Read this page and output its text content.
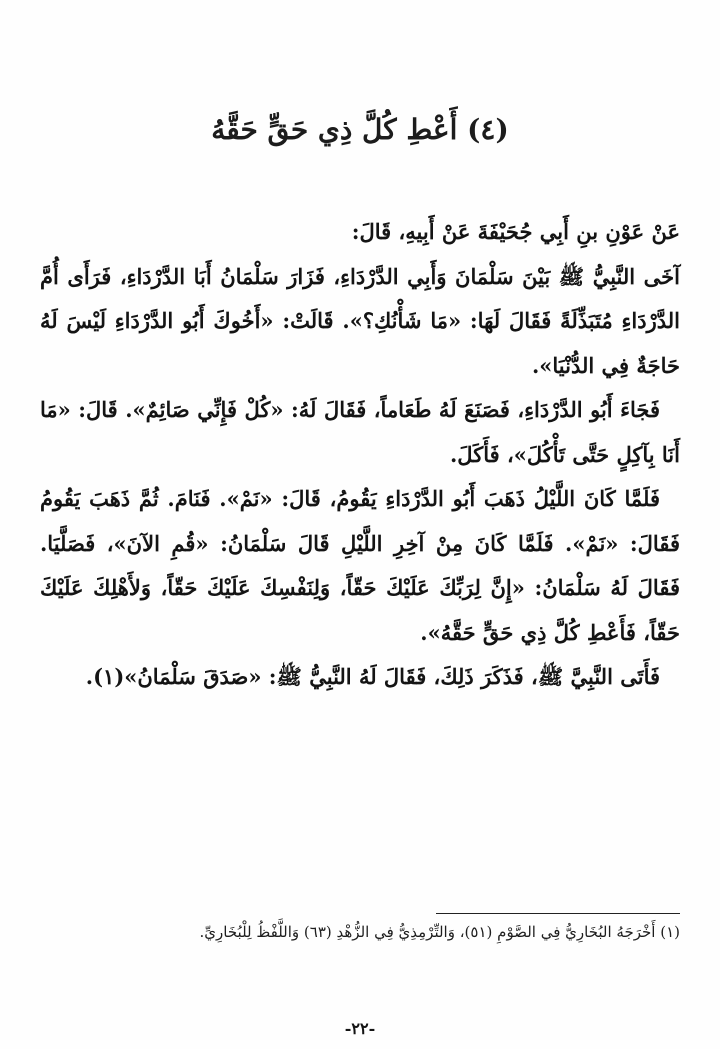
(٤) أَعْطِ كُلَّ ذِي حَقٍّ حَقَّهُ

عَنْ عَوْنِ بنِ أَبِي جُحَيْفَةَ عَنْ أَبِيهِ، قَالَ:

آخَى النَّبِيُّ ﷺ بَيْنَ سَلْمَانَ وَأَبِي الدَّرْدَاءِ، فَزَارَ سَلْمَانُ أَبَا الدَّرْدَاءِ، فَرَأَى أُمَّ الدَّرْدَاءِ مُتَبَذِّلَةً فَقَالَ لَهَا: «مَا شَأْنُكِ؟». قَالَتْ: «أَخُوكَ أَبُو الدَّرْدَاءِ لَيْسَ لَهُ حَاجَةٌ فِي الدُّنْيَا».

فَجَاءَ أَبُو الدَّرْدَاءِ، فَصَنَعَ لَهُ طَعَاماً، فَقَالَ لَهُ: «كُلْ فَإِنِّي صَائِمٌ». قَالَ: «مَا أَنَا بِآكِلٍ حَتَّى تَأْكُلَ»، فَأَكَلَ.

فَلَمَّا كَانَ اللَّيْلُ ذَهَبَ أَبُو الدَّرْدَاءِ يَقُومُ، قَالَ: «نَمْ». فَنَامَ. ثُمَّ ذَهَبَ يَقُومُ فَقَالَ: «نَمْ». فَلَمَّا كَانَ مِنْ آخِرِ اللَّيْلِ قَالَ سَلْمَانُ: «قُمِ الآنَ»، فَصَلَّيَا. فَقَالَ لَهُ سَلْمَانُ: «إِنَّ لِرَبِّكَ عَلَيْكَ حَقّاً، وَلِنَفْسِكَ عَلَيْكَ حَقّاً، وَلأَهْلِكَ عَلَيْكَ حَقّاً، فَأَعْطِ كُلَّ ذِي حَقٍّ حَقَّهُ».

فَأَتَى النَّبِيَّ ﷺ، فَذَكَرَ ذَلِكَ، فَقَالَ لَهُ النَّبِيُّ ﷺ: «صَدَقَ سَلْمَانُ»(١).

(١) أَخْرَجَهُ البُخَارِيُّ فِي الصَّوْمِ (٥١)، وَالتِّرْمِذِيُّ فِي الزُّهْدِ (٦٣) وَاللَّفْظُ لِلْبُخَارِيِّ.
-٢٢-
